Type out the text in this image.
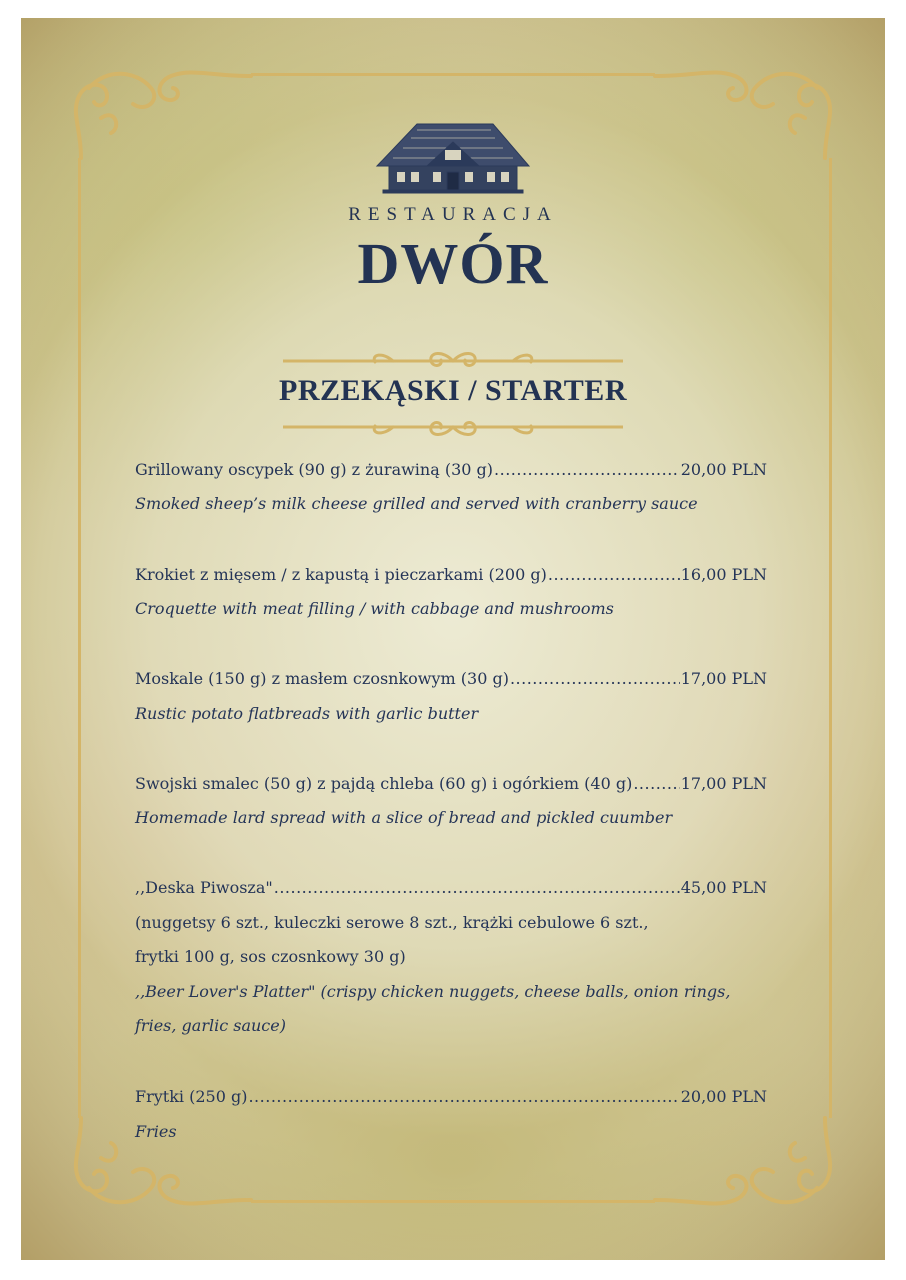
RESTAURACJA
DWÓR
PRZEKĄSKI / STARTER
Grillowany oscypek (90 g) z żurawiną (30 g) .....	20,00 PLN
Smoked sheep’s milk cheese grilled and served with cranberry sauce
Krokiet z mięsem / z kapustą i pieczarkami (200 g) .....	16,00 PLN
Croquette with meat filling / with cabbage and mushrooms
Moskale (150 g) z masłem czosnkowym (30 g) .....	17,00 PLN
Rustic potato flatbreads with garlic butter
Swojski smalec (50 g) z pajdą chleba (60 g) i ogórkiem (40 g) .....	17,00 PLN
Homemade lard spread with a slice of bread and pickled cuumber
,,Deska Piwosza" .....	45,00 PLN
(nuggetsy 6 szt., kuleczki serowe 8 szt., krążki cebulowe 6 szt.,
frytki 100 g, sos czosnkowy 30 g)
,,Beer Lover's Platter" (crispy chicken nuggets, cheese balls, onion rings,
fries, garlic sauce)
Frytki (250 g) .....	20,00 PLN
Fries
